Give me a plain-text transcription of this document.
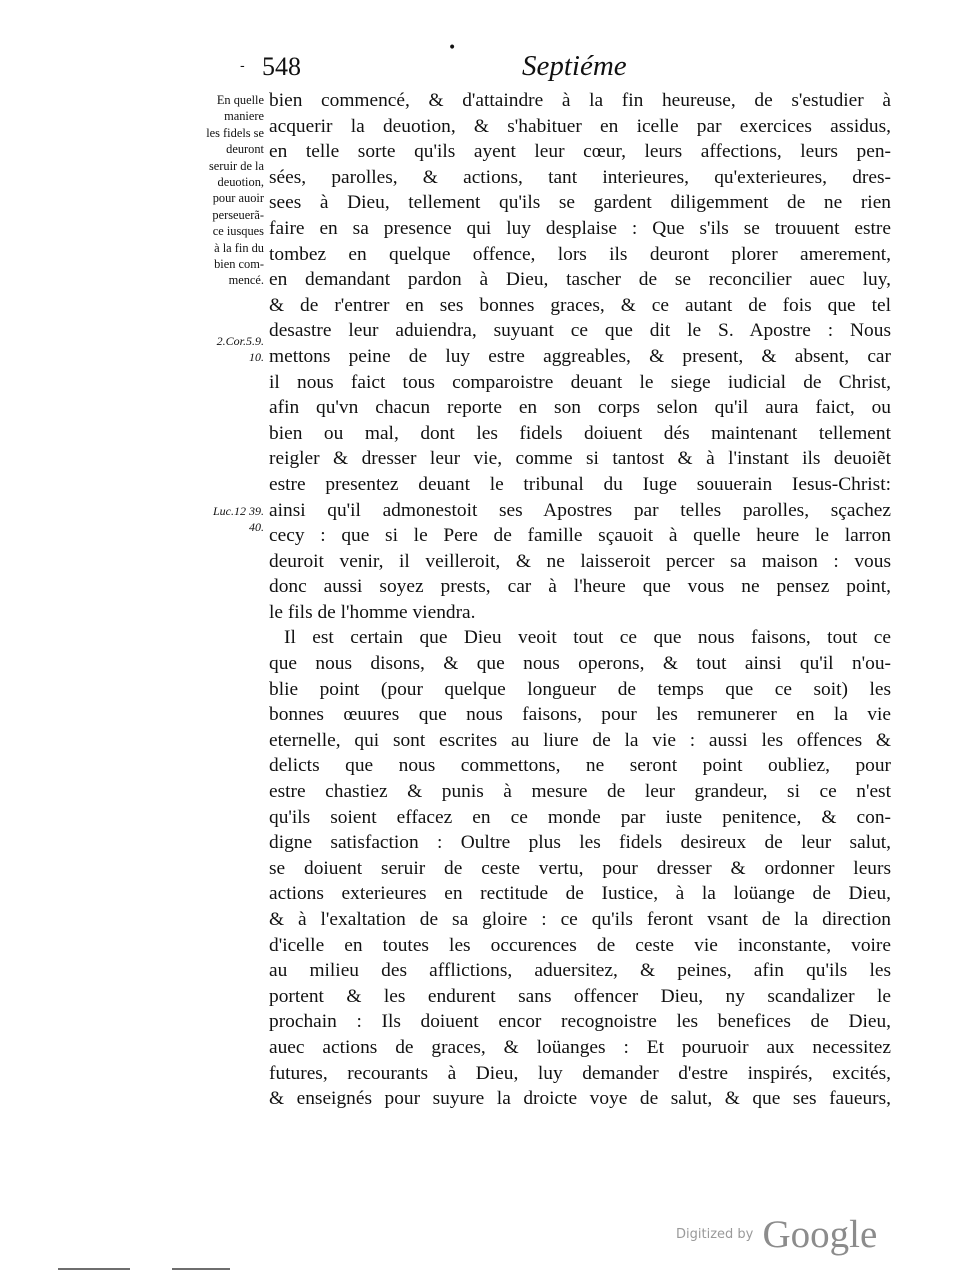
-
•
548	Septiéme
En quelle
maniere
les fidels se
deuront
seruir de la
deuotion,
pour auoir
perseuerã-
ce iusques
à la fin du
bien com-
mencé.
2.Cor.5.9.
10.
Luc.12 39.
40.
bien commencé, & d'attaindre à la fin heureuse, de s'estudier à
acquerir la deuotion, & s'habituer en icelle par exercices assidus,
en telle sorte qu'ils ayent leur cœur, leurs affections, leurs pen-
sées, parolles, & actions, tant interieures, qu'exterieures, dres-
sees à Dieu, tellement qu'ils se gardent diligemment de ne rien
faire en sa presence qui luy desplaise : Que s'ils se trouuent estre
tombez en quelque offence, lors ils deuront plorer amerement,
en demandant pardon à Dieu, tascher de se reconcilier auec luy,
& de r'entrer en ses bonnes graces, & ce autant de fois que tel
desastre leur aduiendra, suyuant ce que dit le S. Apostre : Nous
mettons peine de luy estre aggreables, & present, & absent, car
il nous faict tous comparoistre deuant le siege iudicial de Christ,
afin qu'vn chacun reporte en son corps selon qu'il aura faict, ou
bien ou mal, dont les fidels doiuent dés maintenant tellement
reigler & dresser leur vie, comme si tantost & à l'instant ils deuoiẽt
estre presentez deuant le tribunal du Iuge souuerain Iesus-Christ:
ainsi qu'il admonestoit ses Apostres par telles parolles, sçachez
cecy : que si le Pere de famille sçauoit à quelle heure le larron
deuroit venir, il veilleroit, & ne laisseroit percer sa maison : vous
donc aussi soyez prests, car à l'heure que vous ne pensez point,
le fils de l'homme viendra.
Il est certain que Dieu veoit tout ce que nous faisons, tout ce
que nous disons, & que nous operons, & tout ainsi qu'il n'ou-
blie point (pour quelque longueur de temps que ce soit) les
bonnes œuures que nous faisons, pour les remunerer en la vie
eternelle, qui sont escrites au liure de la vie : aussi les offences &
delicts que nous commettons, ne seront point oubliez, pour
estre chastiez & punis à mesure de leur grandeur, si ce n'est
qu'ils soient effacez en ce monde par iuste penitence, & con-
digne satisfaction : Oultre plus les fidels desireux de leur salut,
se doiuent seruir de ceste vertu, pour dresser & ordonner leurs
actions exterieures en rectitude de Iustice, à la loüange de Dieu,
& à l'exaltation de sa gloire : ce qu'ils feront vsant de la direction
d'icelle en toutes les occurences de ceste vie inconstante, voire
au milieu des afflictions, aduersitez, & peines, afin qu'ils les
portent & les endurent sans offencer Dieu, ny scandalizer le
prochain : Ils doiuent encor recognoistre les benefices de Dieu,
auec actions de graces, & loüanges : Et pouruoir aux necessitez
futures, recourants à Dieu, luy demander d'estre inspirés, excités,
& enseignés pour suyure la droicte voye de salut, & que ses faueurs,
Digitized by Google
